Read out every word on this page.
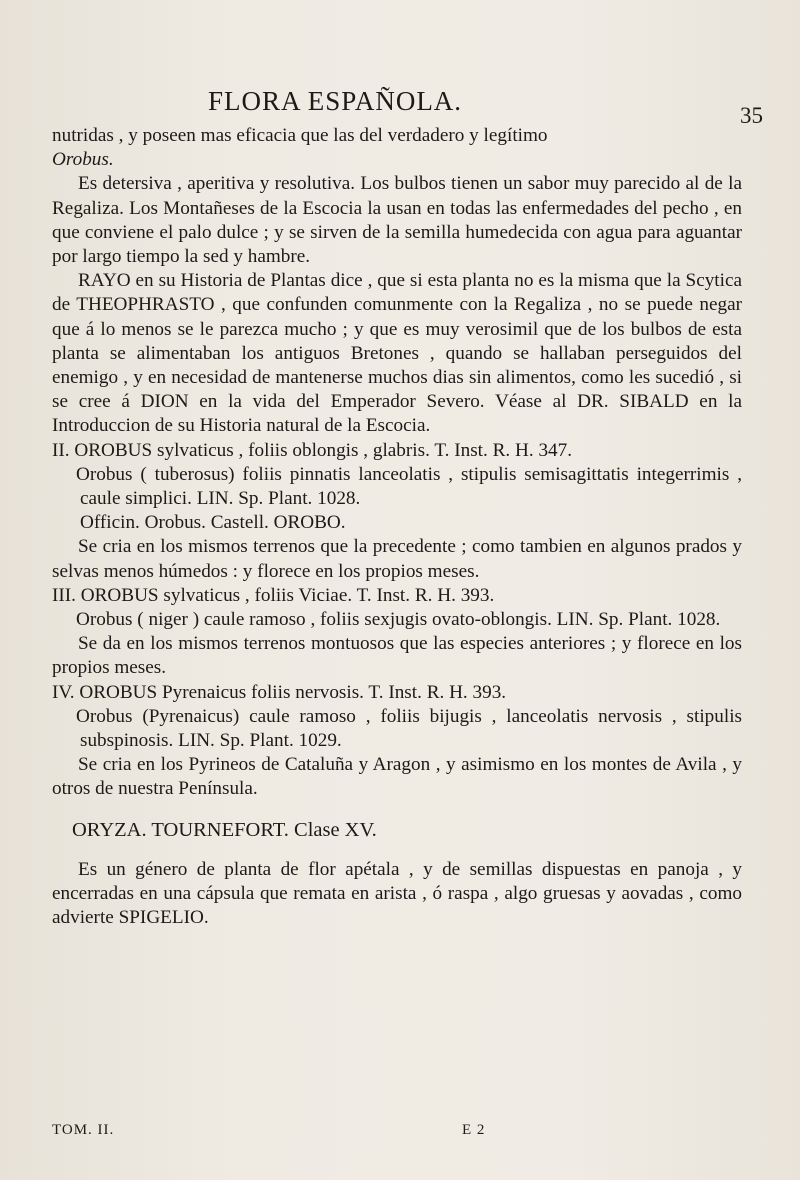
FLORA ESPAÑOLA.	35

nutridas , y poseen mas eficacia que las del verdadero y legítimo

Orobus.

Es detersiva , aperitiva y resolutiva. Los bulbos tienen un sabor muy parecido al de la Regaliza. Los Montañeses de la Escocia la usan en todas las enfermedades del pecho , en que conviene el palo dulce ; y se sirven de la semilla humedecida con agua para aguantar por largo tiempo la sed y hambre.

RAYO en su Historia de Plantas dice , que si esta planta no es la misma que la Scytica de THEOPHRASTO , que confunden comunmente con la Regaliza , no se puede negar que á lo menos se le parezca mucho ; y que es muy verosimil que de los bulbos de esta planta se alimentaban los antiguos Bretones , quando se hallaban perseguidos del enemigo , y en necesidad de mantenerse muchos dias sin alimentos, como les sucedió , si se cree á DION en la vida del Emperador Severo. Véase al DR. SIBALD en la Introduccion de su Historia natural de la Escocia.

II. OROBUS sylvaticus , foliis oblongis , glabris. T. Inst. R. H. 347.

Orobus ( tuberosus) foliis pinnatis lanceolatis , stipulis semisagittatis integerrimis , caule simplici. LIN. Sp. Plant. 1028.

Officin. Orobus. Castell. OROBO.

Se cria en los mismos terrenos que la precedente ; como tambien en algunos prados y selvas menos húmedos : y florece en los propios meses.

III. OROBUS sylvaticus , foliis Viciae. T. Inst. R. H. 393.

Orobus ( niger ) caule ramoso , foliis sexjugis ovato-oblongis. LIN. Sp. Plant. 1028.

Se da en los mismos terrenos montuosos que las especies anteriores ; y florece en los propios meses.

IV. OROBUS Pyrenaicus foliis nervosis. T. Inst. R. H. 393.

Orobus (Pyrenaicus) caule ramoso , foliis bijugis , lanceolatis nervosis , stipulis subspinosis. LIN. Sp. Plant. 1029.

Se cria en los Pyrineos de Cataluña y Aragon , y asimismo en los montes de Avila , y otros de nuestra Península.

ORYZA. TOURNEFORT. Clase XV.

Es un género de planta de flor apétala , y de semillas dispuestas en panoja , y encerradas en una cápsula que remata en arista , ó raspa , algo gruesas y aovadas , como advierte SPIGELIO.

TOM. II.	E 2
